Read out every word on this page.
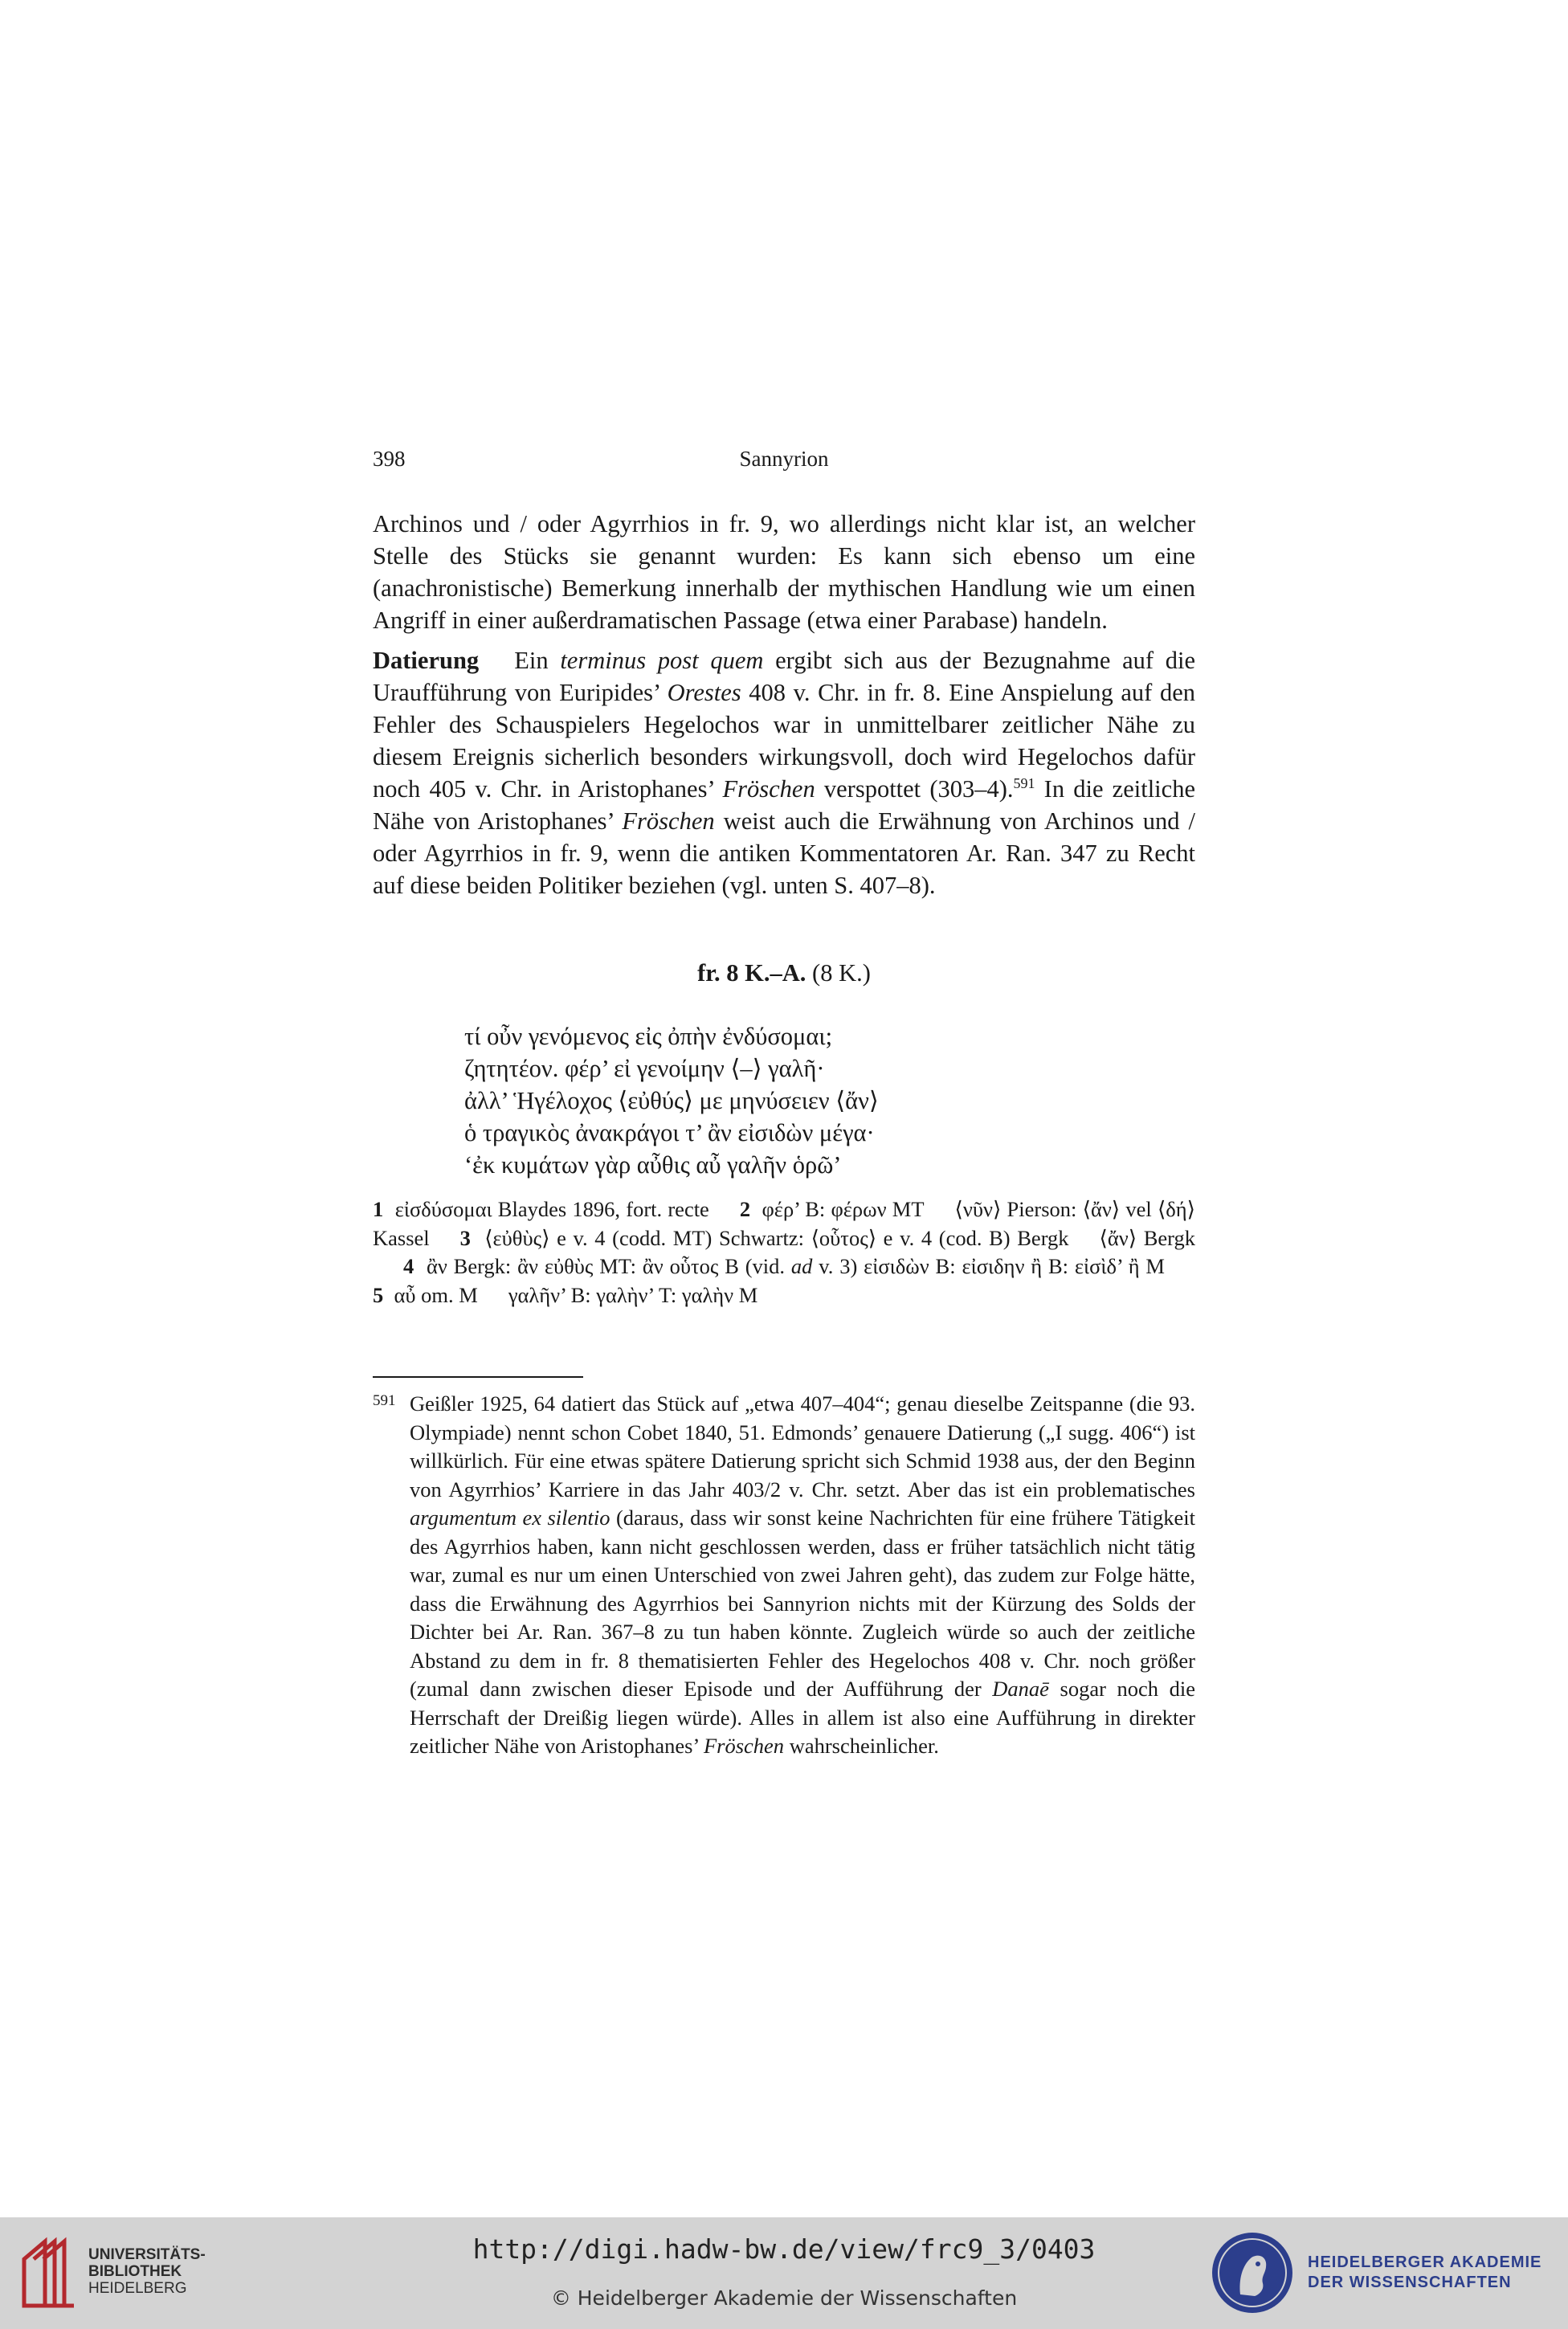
398	Sannyrion
Archinos und / oder Agyrrhios in fr. 9, wo allerdings nicht klar ist, an welcher Stelle des Stücks sie genannt wurden: Es kann sich ebenso um eine (anachronistische) Bemerkung innerhalb der mythischen Handlung wie um einen Angriff in einer außerdramatischen Passage (etwa einer Parabase) handeln.
Datierung Ein terminus post quem ergibt sich aus der Bezugnahme auf die Uraufführung von Euripides’ Orestes 408 v. Chr. in fr. 8. Eine Anspielung auf den Fehler des Schauspielers Hegelochos war in unmittelbarer zeitlicher Nähe zu diesem Ereignis sicherlich besonders wirkungsvoll, doch wird Hegelochos dafür noch 405 v. Chr. in Aristophanes’ Fröschen verspottet (303–4).$^{591}$ In die zeitliche Nähe von Aristophanes’ Fröschen weist auch die Erwähnung von Archinos und / oder Agyrrhios in fr. 9, wenn die antiken Kommentatoren Ar. Ran. 347 zu Recht auf diese beiden Politiker beziehen (vgl. unten S. 407–8).
fr. 8 K.–A. (8 K.)
τί οὖν γενόμενος εἰς ὀπὴν ἐνδύσομαι;
ζητητέον. φέρ’ εἰ γενοίμην ⟨–⟩ γαλῆ·
ἀλλ’ Ἡγέλοχος ⟨εὐθύς⟩ με μηνύσειεν ⟨ἄν⟩
ὁ τραγικὸς ἀνακράγοι τ’ ἂν εἰσιδὼν μέγα·
‘ἐκ κυμάτων γὰρ αὖθις αὖ γαλῆν ὁρῶ’
1 εἰσδύσομαι Blaydes 1896, fort. recte 2 φέρ’ B: φέρων MT ⟨νῦν⟩ Pierson: ⟨ἄν⟩ vel ⟨δή⟩ Kassel 3 ⟨εὐθὺς⟩ e v. 4 (codd. MT) Schwartz: ⟨οὗτος⟩ e v. 4 (cod. B) Bergk ⟨ἄν⟩ Bergk4 ἂν Bergk: ἂν εὐθὺς MT: ἂν οὗτος B (vid. ad v. 3) εἰσιδὼν B: εἰσιδην ἢ B: εἰσὶδ’ ἢ M5 αὖ om. M γαλῆν’ B: γαλὴν’ T: γαλὴν M
591 Geißler 1925, 64 datiert das Stück auf „etwa 407–404“; genau dieselbe Zeitspanne (die 93. Olympiade) nennt schon Cobet 1840, 51. Edmonds’ genauere Datierung („I sugg. 406“) ist willkürlich. Für eine etwas spätere Datierung spricht sich Schmid 1938 aus, der den Beginn von Agyrrhios’ Karriere in das Jahr 403/2 v. Chr. setzt. Aber das ist ein problematisches argumentum ex silentio (daraus, dass wir sonst keine Nachrichten für eine frühere Tätigkeit des Agyrrhios haben, kann nicht geschlossen werden, dass er früher tatsächlich nicht tätig war, zumal es nur um einen Unterschied von zwei Jahren geht), das zudem zur Folge hätte, dass die Erwähnung des Agyrrhios bei Sannyrion nichts mit der Kürzung des Solds der Dichter bei Ar. Ran. 367–8 zu tun haben könnte. Zugleich würde so auch der zeitliche Abstand zu dem in fr. 8 thematisierten Fehler des Hegelochos 408 v. Chr. noch größer (zumal dann zwischen dieser Episode und der Aufführung der Danaē sogar noch die Herrschaft der Dreißig liegen würde). Alles in allem ist also eine Aufführung in direkter zeitlicher Nähe von Aristophanes’ Fröschen wahrscheinlicher.
UNIVERSITÄTS-
BIBLIOTHEK
HEIDELBERG
http://digi.hadw-bw.de/view/frc9_3/0403
© Heidelberger Akademie der Wissenschaften
HEIDELBERGER AKADEMIE
DER WISSENSCHAFTEN
